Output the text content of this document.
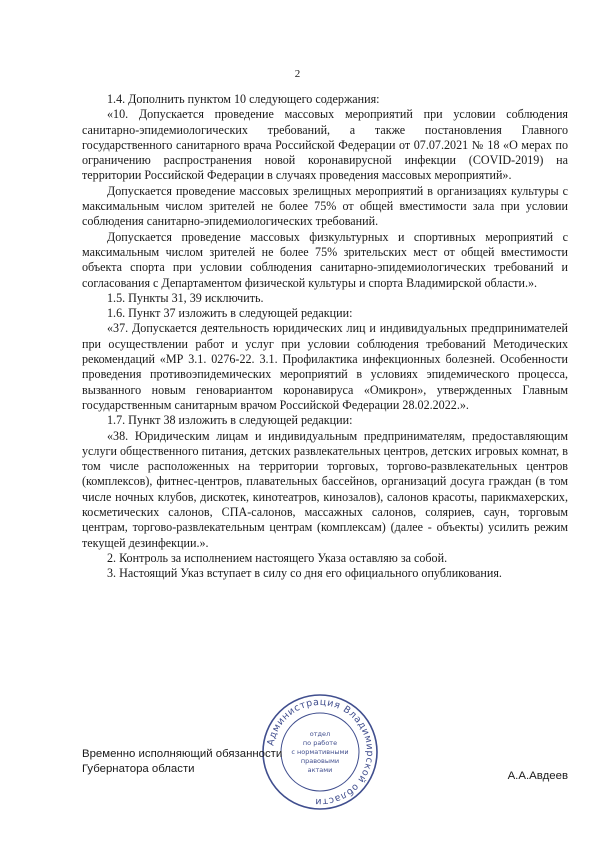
2

1.4. Дополнить пунктом 10 следующего содержания:

«10. Допускается проведение массовых мероприятий при условии соблюдения санитарно-эпидемиологических требований, а также постановления Главного государственного санитарного врача Российской Федерации от 07.07.2021 № 18 «О мерах по ограничению распространения новой коронавирусной инфекции (COVID-2019) на территории Российской Федерации в случаях проведения массовых мероприятий».

Допускается проведение массовых зрелищных мероприятий в организациях культуры с максимальным числом зрителей не более 75% от общей вместимости зала при условии соблюдения санитарно-эпидемиологических требований.

Допускается проведение массовых физкультурных и спортивных мероприятий с максимальным числом зрителей не более 75% зрительских мест от общей вместимости объекта спорта при условии соблюдения санитарно-эпидемиологических требований и согласования с Департаментом физической культуры и спорта Владимирской области.».

1.5. Пункты 31, 39 исключить.

1.6. Пункт 37 изложить в следующей редакции:

«37. Допускается деятельность юридических лиц и индивидуальных предпринимателей при осуществлении работ и услуг при условии соблюдения требований Методических рекомендаций «МР 3.1. 0276-22. 3.1. Профилактика инфекционных болезней. Особенности проведения противоэпидемических мероприятий в условиях эпидемического процесса, вызванного новым геновариантом коронавируса «Омикрон», утвержденных Главным государственным санитарным врачом Российской Федерации 28.02.2022.».

1.7. Пункт 38 изложить в следующей редакции:

«38. Юридическим лицам и индивидуальным предпринимателям, предоставляющим услуги общественного питания, детских развлекательных центров, детских игровых комнат, в том числе расположенных на территории торговых, торгово-развлекательных центров (комплексов), фитнес-центров, плавательных бассейнов, организаций досуга граждан (в том числе ночных клубов, дискотек, кинотеатров, кинозалов), салонов красоты, парикмахерских, косметических салонов, СПА-салонов, массажных салонов, соляриев, саун, торговым центрам, торгово-развлекательным центрам (комплексам) (далее - объекты) усилить режим текущей дезинфекции.».

2. Контроль за исполнением настоящего Указа оставляю за собой.

3. Настоящий Указ вступает в силу со дня его официального опубликования.

Администрация Владимирской области
отдел
по работе
с нормативными
правовыми
актами
Временно исполняющий обязанности
Губернатора области
А.А.Авдеев
